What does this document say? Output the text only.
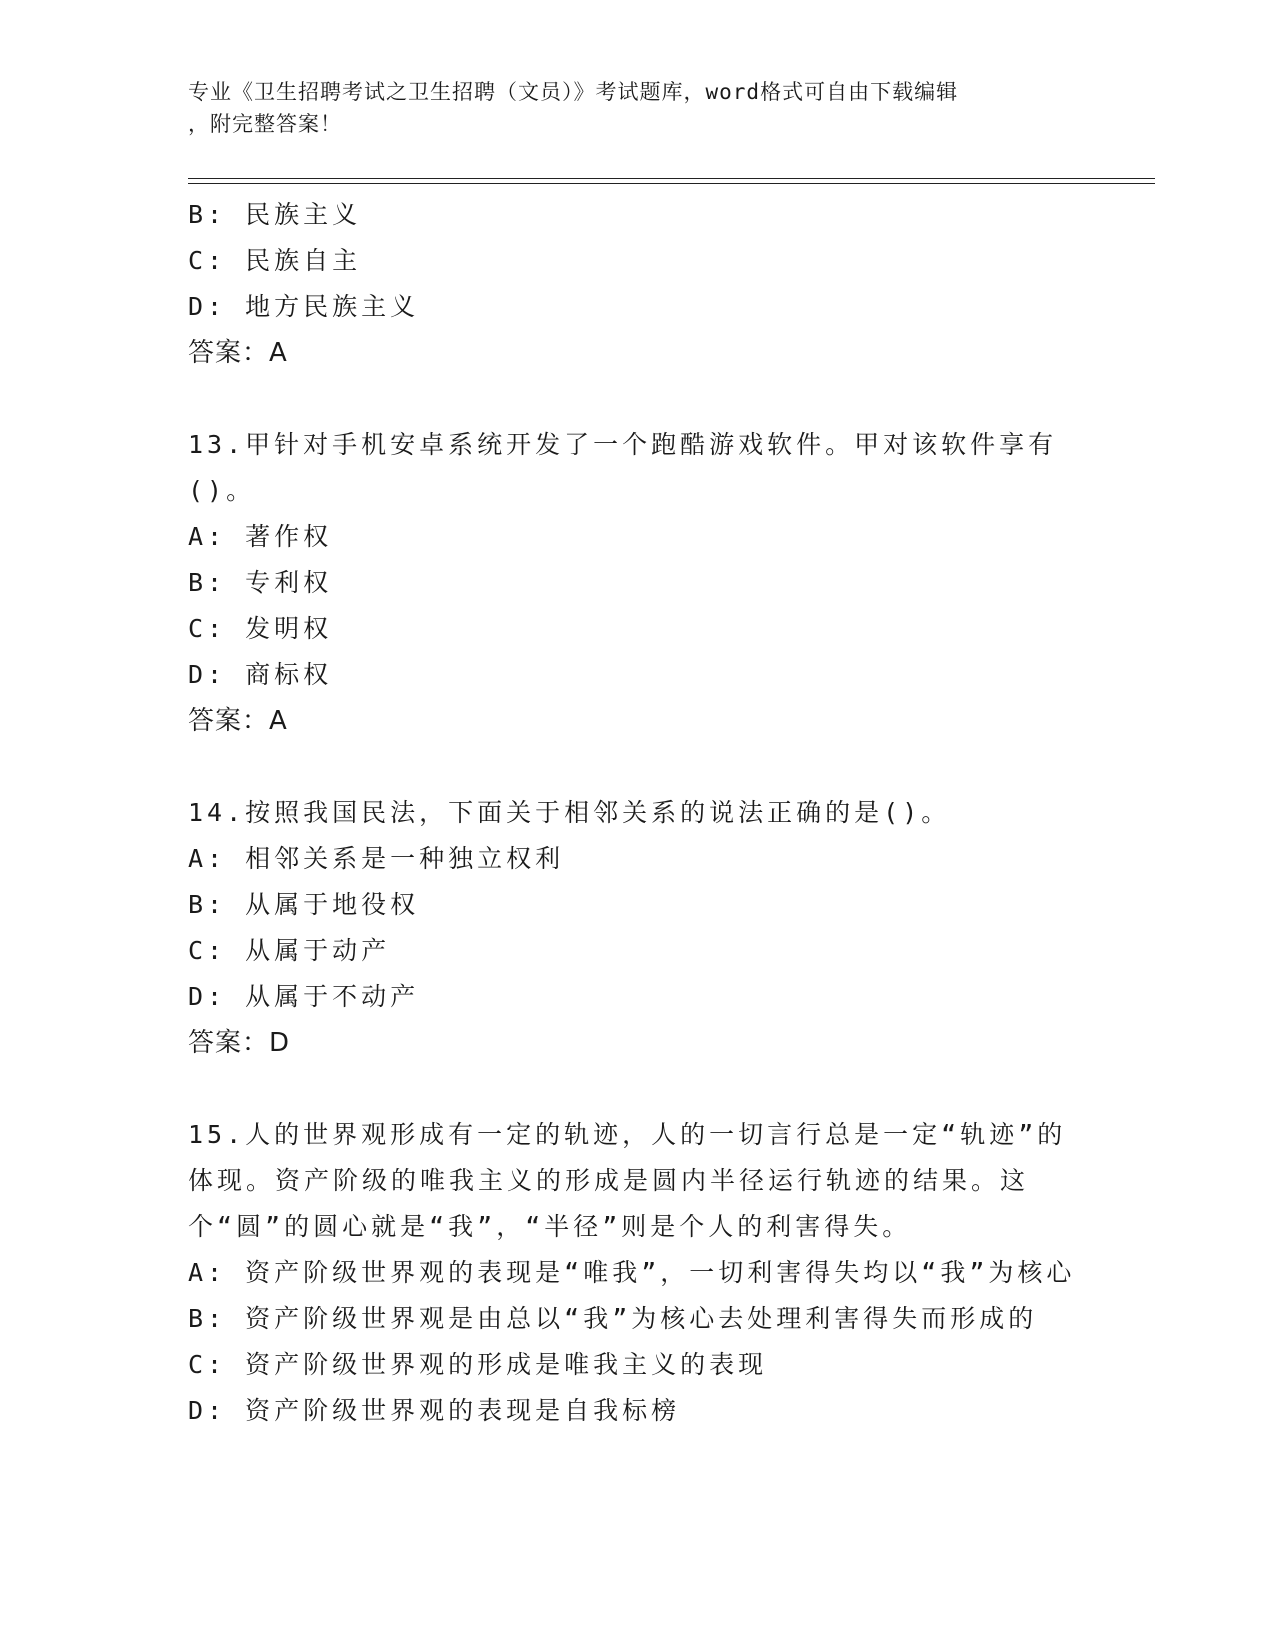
专业《卫生招聘考试之卫生招聘（文员）》考试题库，word格式可自由下载编辑
，附完整答案！
B:
民族主义
C:
民族自主
D:
地方民族主义
答案：A
13.甲针对手机安卓系统开发了一个跑酷游戏软件。甲对该软件享有()。
A:
著作权
B:
专利权
C:
发明权
D:
商标权
答案：A
14.按照我国民法，下面关于相邻关系的说法正确的是()。
A:
相邻关系是一种独立权利
B:
从属于地役权
C:
从属于动产
D:
从属于不动产
答案：D
15.人的世界观形成有一定的轨迹，人的一切言行总是一定“轨迹”的体现。资产阶级的唯我主义的形成是圆内半径运行轨迹的结果。这个“圆”的圆心就是“我”，“半径”则是个人的利害得失。
A:
资产阶级世界观的表现是“唯我”，一切利害得失均以“我”为核心
B:
资产阶级世界观是由总以“我”为核心去处理利害得失而形成的
C:
资产阶级世界观的形成是唯我主义的表现
D:
资产阶级世界观的表现是自我标榜
